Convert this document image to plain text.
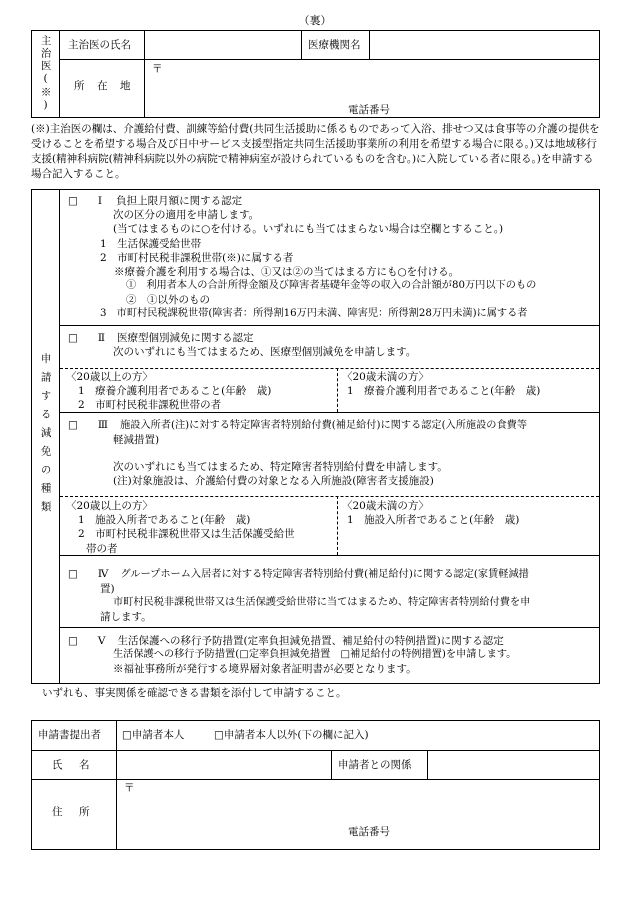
（裏）
主治医(※) 主治医の氏名	医療機関名
所　在　地
〒
電話番号
(※)主治医の欄は、介護給付費、訓練等給付費(共同生活援助に係るものであって入浴、排せつ又は食事等の介護の提供を受けることを希望する場合及び日中サービス支援型指定共同生活援助事業所の利用を希望する場合に限る。)又は地域移行支援(精神科病院(精神科病院以外の病院で精神病室が設けられているものを含む。)に入院している者に限る。)を申請する場合記入すること。
申請する減免の種類
□ Ⅰ 負担上限月額に関する認定
次の区分の適用を申請します。
(当てはまるものに○を付ける。いずれにも当てはまらない場合は空欄とすること。)
1　生活保護受給世帯
2　市町村民税非課税世帯(※)に属する者
※療養介護を利用する場合は、①又は②の当てはまる方にも○を付ける。
①　利用者本人の合計所得金額及び障害者基礎年金等の収入の合計額が80万円以下のもの
②　①以外のもの
3　市町村民税課税世帯(障害者：所得割16万円未満、障害児：所得割28万円未満)に属する者
□ Ⅱ 医療型個別減免に関する認定
次のいずれにも当てはまるため、医療型個別減免を申請します。
〈20歳以上の方〉
1　療養介護利用者であること(年齢　歳)
2　市町村民税非課税世帯の者
〈20歳未満の方〉
1　療養介護利用者であること(年齢　歳)
□ Ⅲ 施設入所者(注)に対する特定障害者特別給付費(補足給付)に関する認定(入所施設の食費等
軽減措置)
次のいずれにも当てはまるため、特定障害者特別給付費を申請します。
(注)対象施設は、介護給付費の対象となる入所施設(障害者支援施設)
〈20歳以上の方〉
1　施設入所者であること(年齢　歳)
2　市町村民税非課税世帯又は生活保護受給世
帯の者
〈20歳未満の方〉
1　施設入所者であること(年齢　歳)
□ Ⅳ グループホーム入居者に対する特定障害者特別給付費(補足給付)に関する認定(家賃軽減措
置)
市町村民税非課税世帯又は生活保護受給世帯に当てはまるため、特定障害者特別給付費を申
請します。
□ Ⅴ 生活保護への移行予防措置(定率負担減免措置、補足給付の特例措置)に関する認定
生活保護への移行予防措置(□定率負担減免措置　□補足給付の特例措置)を申請します。
※福祉事務所が発行する境界層対象者証明書が必要となります。
いずれも、事実関係を確認できる書類を添付して申請すること。
申請書提出者 □申請者本人	□申請者本人以外(下の欄に記入)
氏　名	申請者との関係
住　所
〒
電話番号
